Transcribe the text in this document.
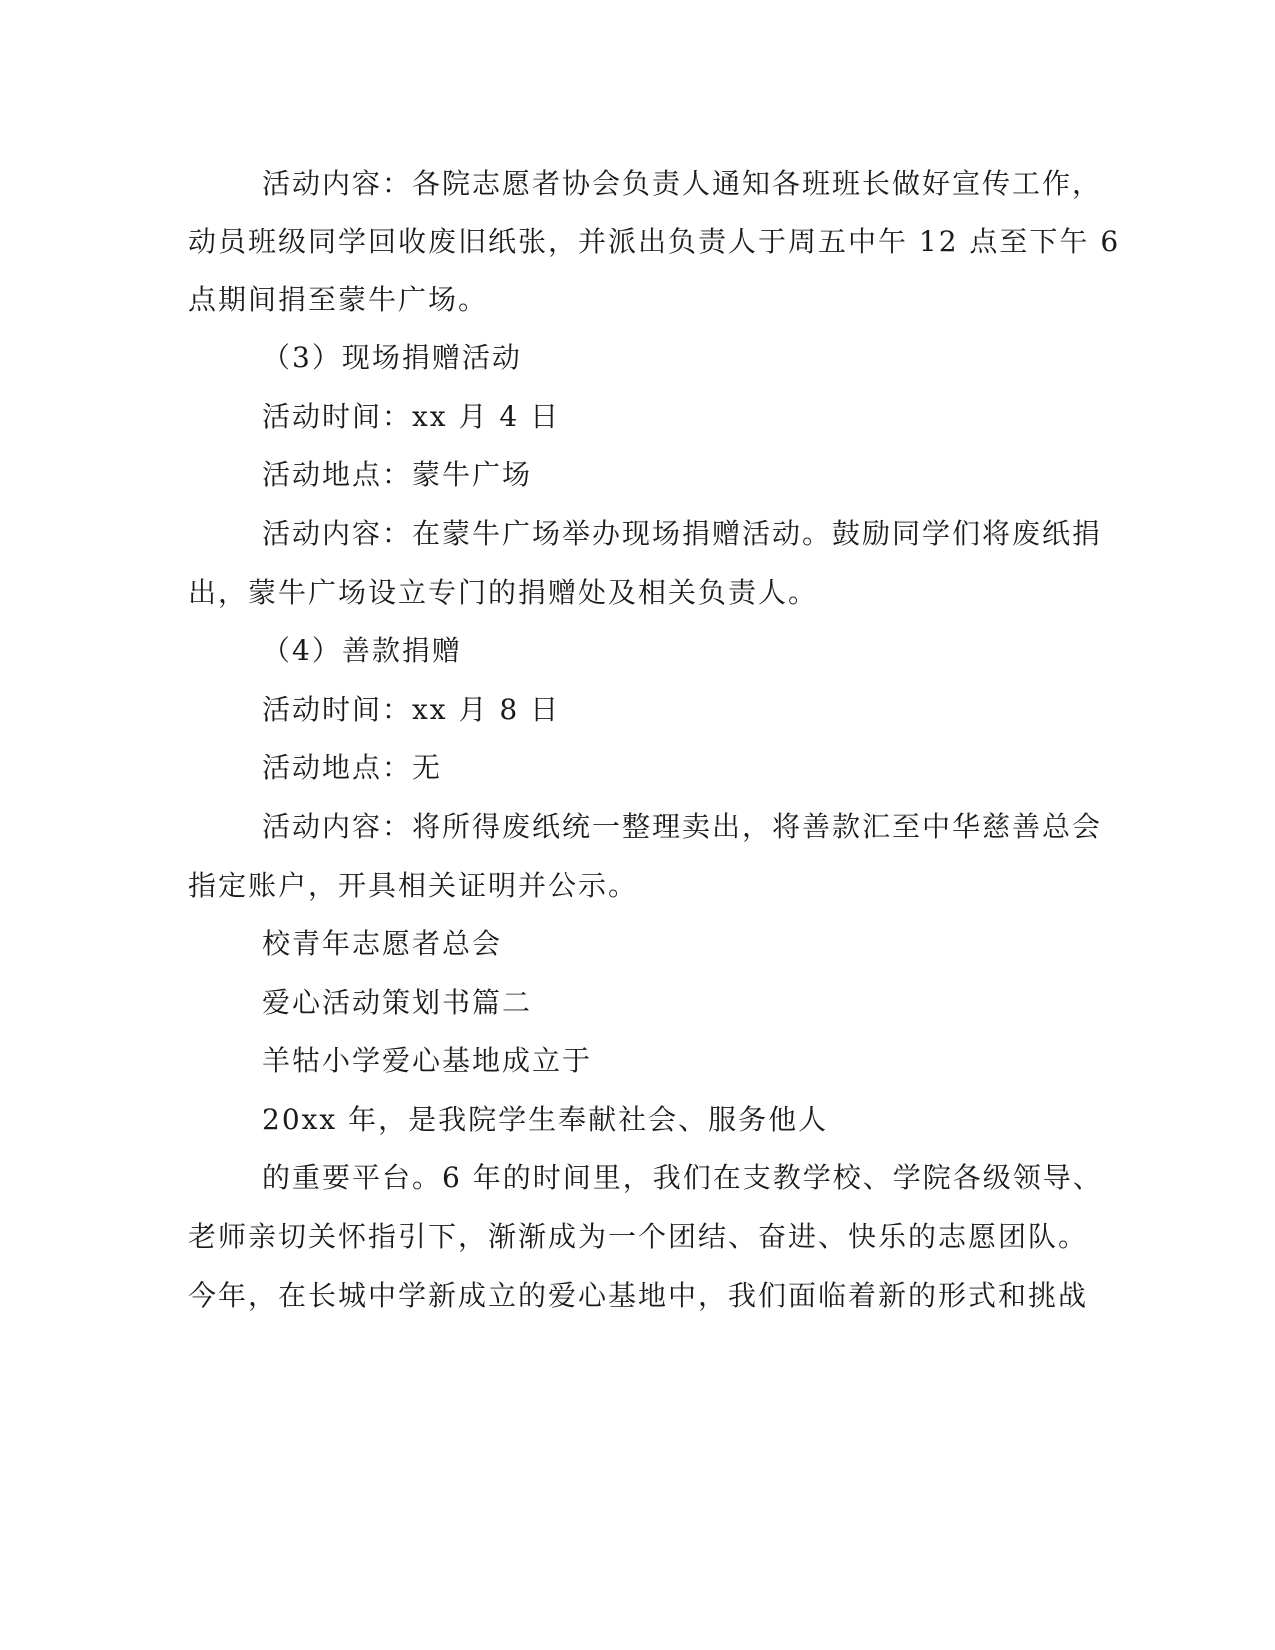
活动内容：各院志愿者协会负责人通知各班班长做好宣传工作，
动员班级同学回收废旧纸张，并派出负责人于周五中午 12 点至下午 6
点期间捐至蒙牛广场。
（3）现场捐赠活动
活动时间：xx 月 4 日
活动地点：蒙牛广场
活动内容：在蒙牛广场举办现场捐赠活动。鼓励同学们将废纸捐
出，蒙牛广场设立专门的捐赠处及相关负责人。
（4）善款捐赠
活动时间：xx 月 8 日
活动地点：无
活动内容：将所得废纸统一整理卖出，将善款汇至中华慈善总会
指定账户，开具相关证明并公示。
校青年志愿者总会
爱心活动策划书篇二
羊牯小学爱心基地成立于
20xx 年，是我院学生奉献社会、服务他人
的重要平台。6 年的时间里，我们在支教学校、学院各级领导、
老师亲切关怀指引下，渐渐成为一个团结、奋进、快乐的志愿团队。
今年，在长城中学新成立的爱心基地中，我们面临着新的形式和挑战
